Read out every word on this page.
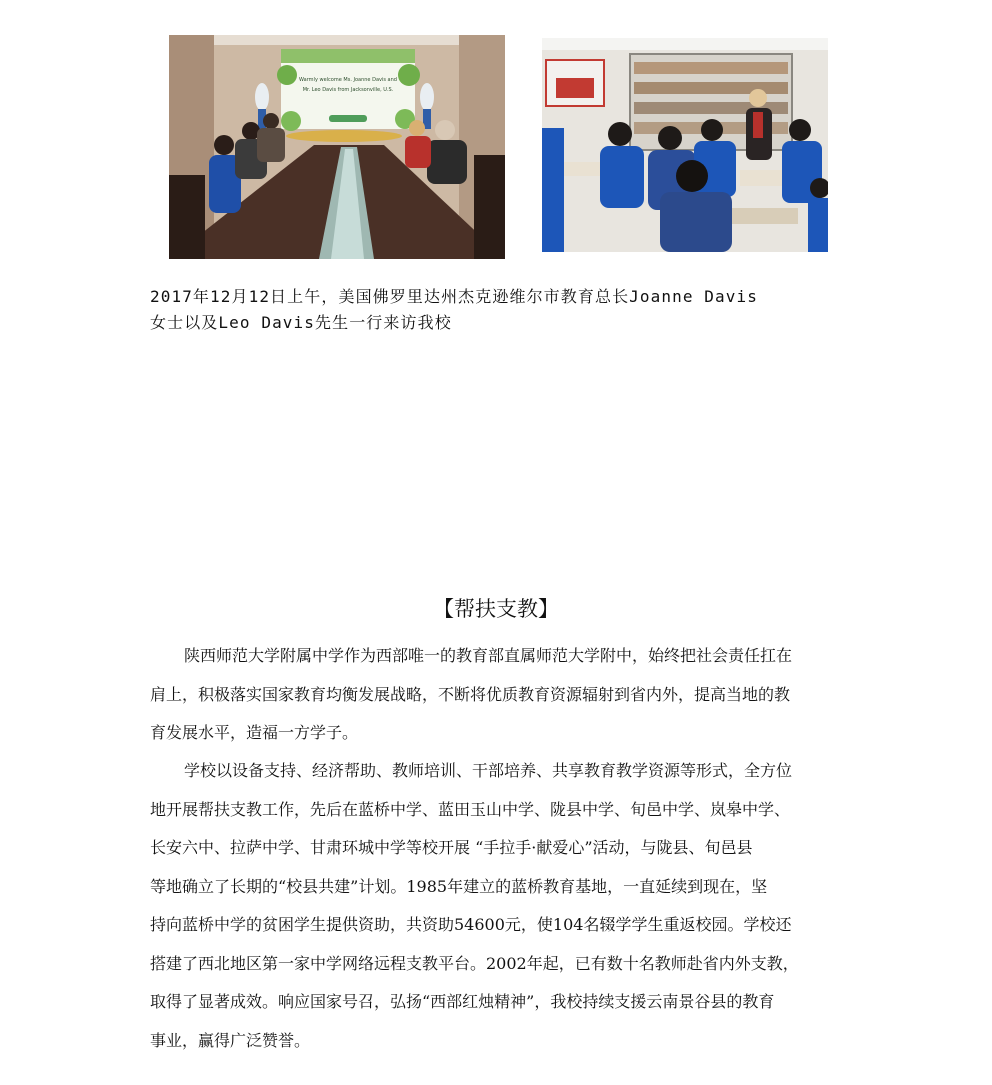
Warmly welcome Ms. Joanne Davis and
Mr. Leo Davis from Jacksonville, U.S.

2017年12月12日上午，美国佛罗里达州杰克逊维尔市教育总长Joanne Davis
女士以及Leo Davis先生一行来访我校

【帮扶支教】

陕西师范大学附属中学作为西部唯一的教育部直属师范大学附中，始终把社会责任扛在
肩上，积极落实国家教育均衡发展战略，不断将优质教育资源辐射到省内外，提高当地的教
育发展水平，造福一方学子。

学校以设备支持、经济帮助、教师培训、干部培养、共享教育教学资源等形式，全方位
地开展帮扶支教工作，先后在蓝桥中学、蓝田玉山中学、陇县中学、旬邑中学、岚皋中学、
长安六中、拉萨中学、甘肃环城中学等校开展 “手拉手·献爱心”活动，与陇县、旬邑县
等地确立了长期的“校县共建”计划。1985年建立的蓝桥教育基地，一直延续到现在，坚
持向蓝桥中学的贫困学生提供资助，共资助54600元，使104名辍学学生重返校园。学校还
搭建了西北地区第一家中学网络远程支教平台。2002年起，已有数十名教师赴省内外支教，
取得了显著成效。响应国家号召，弘扬“西部红烛精神”，我校持续支援云南景谷县的教育
事业，赢得广泛赞誉。
